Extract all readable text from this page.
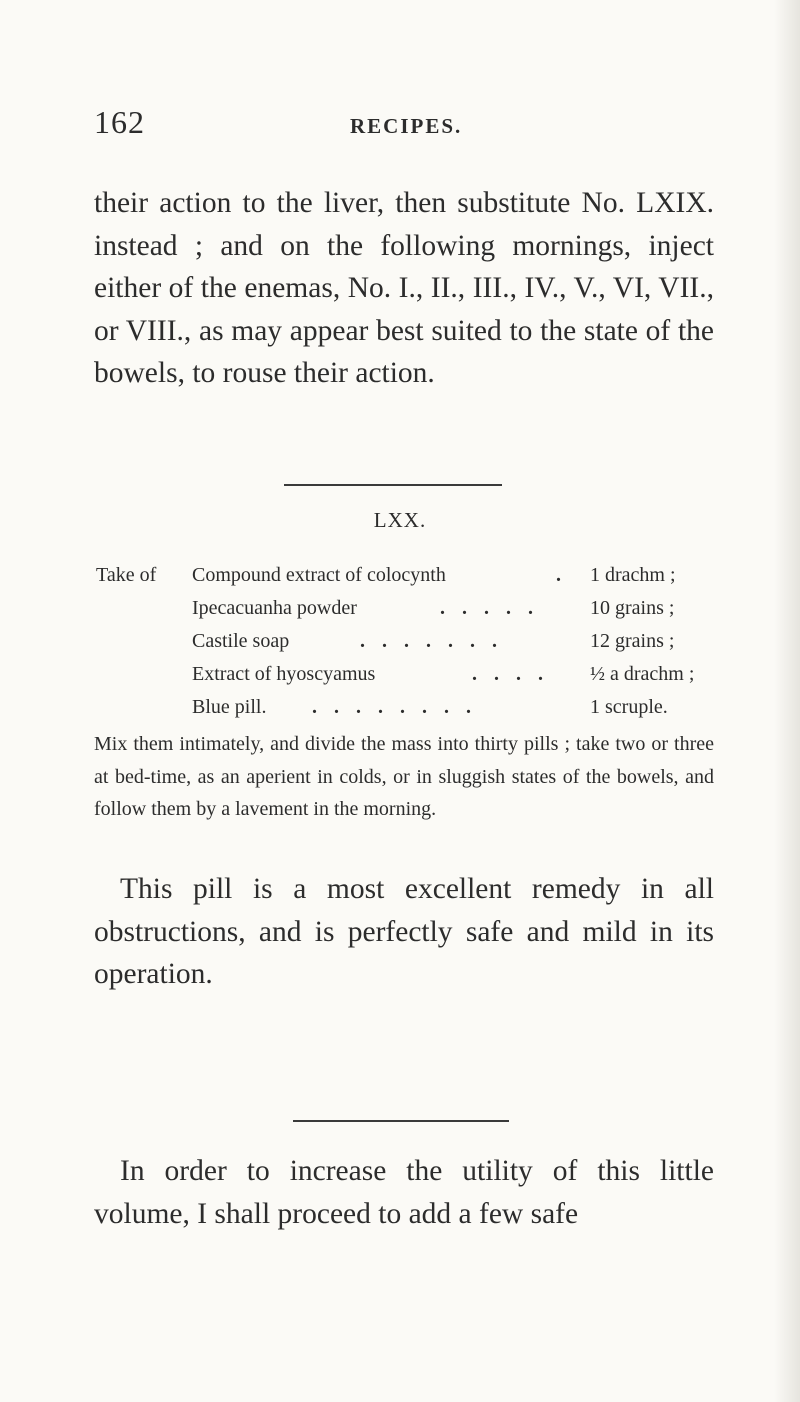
162	RECIPES.

their action to the liver, then substitute No. LXIX. instead ; and on the following mornings, inject either of the enemas, No. I., II., III., IV., V., VI, VII., or VIII., as may appear best suited to the state of the bowels, to rouse their action.

LXX.
Take of Compound extract of colocynth	. 1 drachm ;
Ipecacuanha powder	. . . . .	10 grains ;
Castile soap	. . . . . . .	12 grains ;
Extract of hyoscyamus	. . . . ½ a drachm ;
Blue pill. . . . . . . . .	1 scruple.

Mix them intimately, and divide the mass into thirty pills ; take two or three at bed-time, as an aperient in colds, or in sluggish states of the bowels, and follow them by a lavement in the morning.

This pill is a most excellent remedy in all obstructions, and is perfectly safe and mild in its operation.

In order to increase the utility of this little volume, I shall proceed to add a few safe
